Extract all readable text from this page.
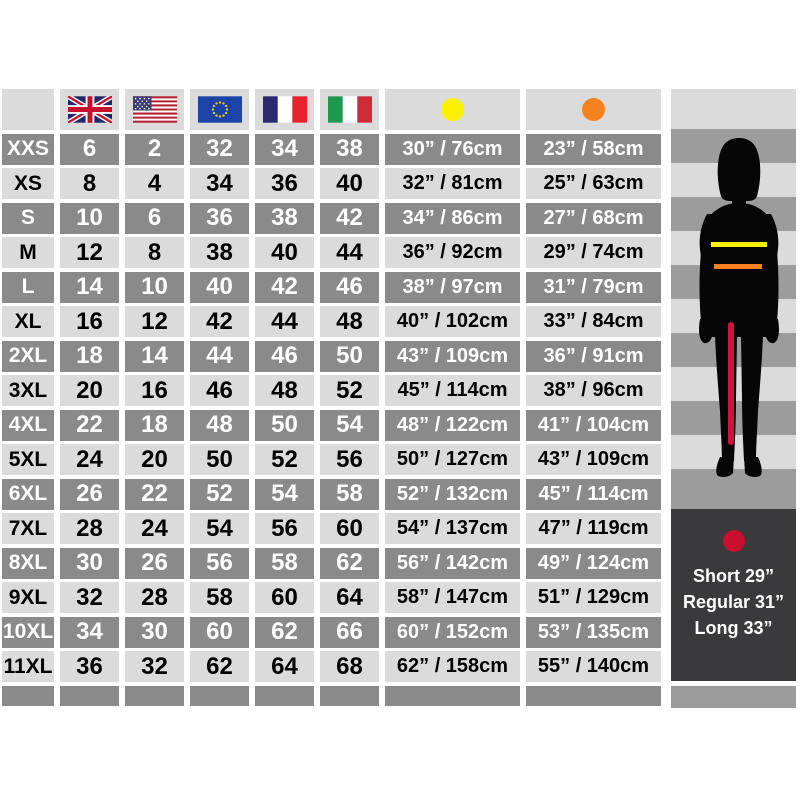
XXS	6	2	32	34	38	30” / 76cm	23” / 58cm
XS	8	4	34	36	40	32” / 81cm	25” / 63cm
S	10	6	36	38	42	34” / 86cm	27” / 68cm
M	12	8	38	40	44	36” / 92cm	29” / 74cm
L	14	10	40	42	46	38” / 97cm	31” / 79cm
XL	16	12	42	44	48	40” / 102cm	33” / 84cm
2XL	18	14	44	46	50	43” / 109cm	36” / 91cm
3XL	20	16	46	48	52	45” / 114cm	38” / 96cm
4XL	22	18	48	50	54	48” / 122cm	41” / 104cm
5XL	24	20	50	52	56	50” / 127cm	43” / 109cm
6XL	26	22	52	54	58	52” / 132cm	45” / 114cm
7XL	28	24	54	56	60	54” / 137cm	47” / 119cm
8XL	30	26	56	58	62	56” / 142cm	49” / 124cm
9XL	32	28	58	60	64	58” / 147cm	51” / 129cm
10XL 34	30	60	62	66	60” / 152cm	53” / 135cm
11XL 36	32	62	64	68	62” / 158cm	55” / 140cm
Short 29”
Regular 31”
Long 33”
